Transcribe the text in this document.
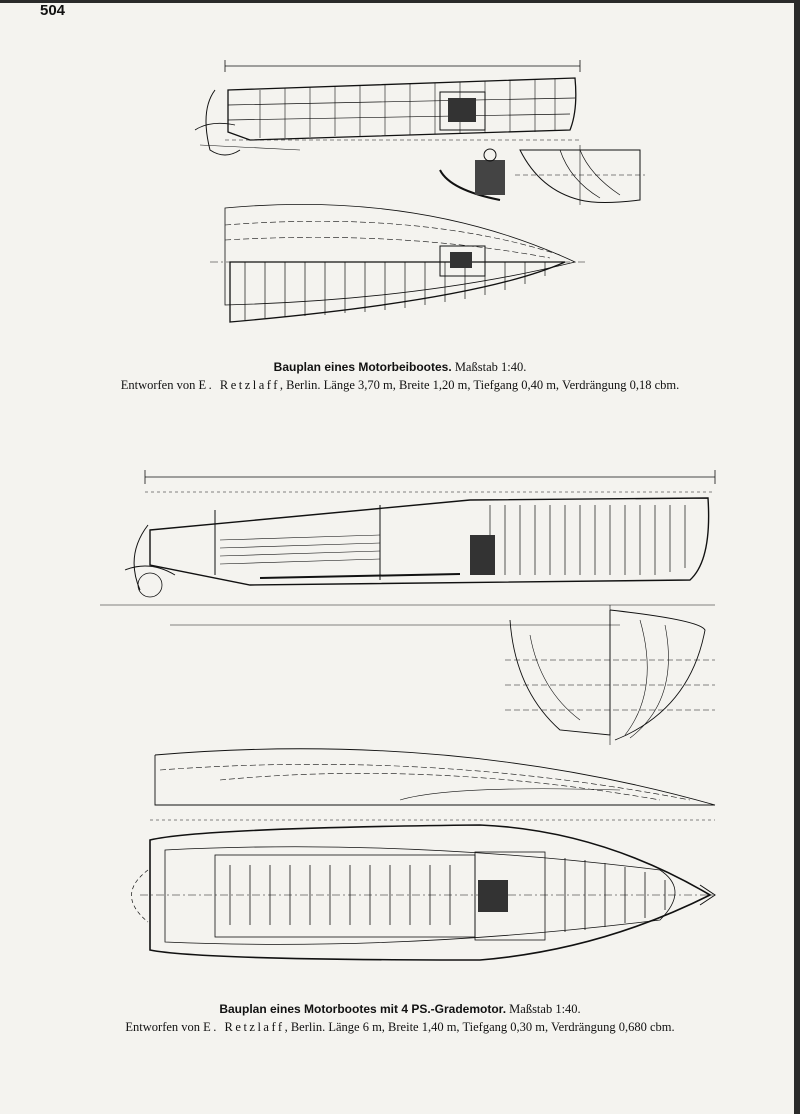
504
Bauplan eines Motorbeibootes. Maßstab 1:40.
Entworfen von E. Retzlaff, Berlin. Länge 3,70 m, Breite 1,20 m, Tiefgang 0,40 m, Verdrängung 0,18 cbm.
Bauplan eines Motorbootes mit 4 PS.-Grademotor. Maßstab 1:40.
Entworfen von E. Retzlaff, Berlin. Länge 6 m, Breite 1,40 m, Tiefgang 0,30 m, Verdrängung 0,680 cbm.
